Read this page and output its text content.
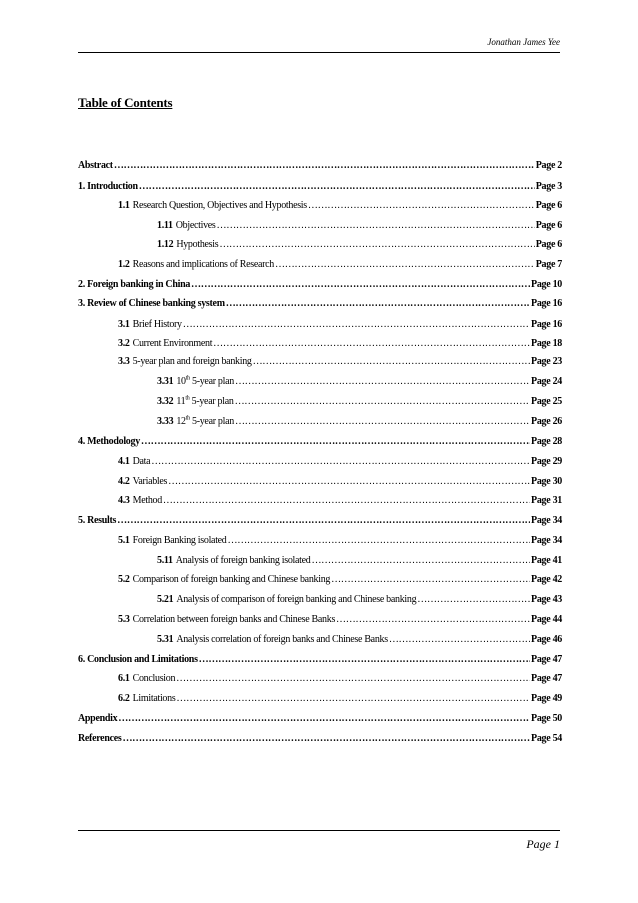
Jonathan James Yee
Table of Contents
Abstract ……………………………………………………………………………………………………………………………………………………………………………………………………………………	Page 2
1. Introduction ……………………………………………………………………………………………………………………………………………………………………………………………………………………	Page 3
1.1 Research Question, Objectives and Hypothesis ……………………………………………………………………………………………………………………………………………………………………………………………………………………	Page 6
1.11 Objectives ……………………………………………………………………………………………………………………………………………………………………………………………………………………	Page 6
1.12 Hypothesis ……………………………………………………………………………………………………………………………………………………………………………………………………………………	Page 6
1.2 Reasons and implications of Research ……………………………………………………………………………………………………………………………………………………………………………………………………………………	Page 7
2. Foreign banking in China ……………………………………………………………………………………………………………………………………………………………………………………………………………………	Page 10
3. Review of Chinese banking system ……………………………………………………………………………………………………………………………………………………………………………………………………………………	Page 16
3.1 Brief History ……………………………………………………………………………………………………………………………………………………………………………………………………………………	Page 16
3.2 Current Environment ……………………………………………………………………………………………………………………………………………………………………………………………………………………	Page 18
3.3 5-year plan and foreign banking ……………………………………………………………………………………………………………………………………………………………………………………………………………………	Page 23
3.31 10th 5-year plan ……………………………………………………………………………………………………………………………………………………………………………………………………………………	Page 24
3.32 11th 5-year plan ……………………………………………………………………………………………………………………………………………………………………………………………………………………	Page 25
3.33 12th 5-year plan ……………………………………………………………………………………………………………………………………………………………………………………………………………………	Page 26
4. Methodology ……………………………………………………………………………………………………………………………………………………………………………………………………………………	Page 28
4.1 Data ……………………………………………………………………………………………………………………………………………………………………………………………………………………	Page 29
4.2 Variables ……………………………………………………………………………………………………………………………………………………………………………………………………………………	Page 30
4.3 Method ……………………………………………………………………………………………………………………………………………………………………………………………………………………	Page 31
5. Results ……………………………………………………………………………………………………………………………………………………………………………………………………………………	Page 34
5.1 Foreign Banking isolated ……………………………………………………………………………………………………………………………………………………………………………………………………………………	Page 34
5.11 Analysis of foreign banking isolated ……………………………………………………………………………………………………………………………………………………………………………………………………………………	Page 41
5.2 Comparison of foreign banking and Chinese banking ……………………………………………………………………………………………………………………………………………………………………………………………………………………	Page 42
5.21 Analysis of comparison of foreign banking and Chinese banking ……………………………………………………………………………………………………………………………………………………………………………………………………………………	Page 43
5.3 Correlation between foreign banks and Chinese Banks ……………………………………………………………………………………………………………………………………………………………………………………………………………………	Page 44
5.31 Analysis correlation of foreign banks and Chinese Banks ……………………………………………………………………………………………………………………………………………………………………………………………………………………	Page 46
6. Conclusion and Limitations ……………………………………………………………………………………………………………………………………………………………………………………………………………………	Page 47
6.1 Conclusion ……………………………………………………………………………………………………………………………………………………………………………………………………………………	Page 47
6.2 Limitations ……………………………………………………………………………………………………………………………………………………………………………………………………………………	Page 49
Appendix ……………………………………………………………………………………………………………………………………………………………………………………………………………………	Page 50
References ……………………………………………………………………………………………………………………………………………………………………………………………………………………	Page 54
Page 1
